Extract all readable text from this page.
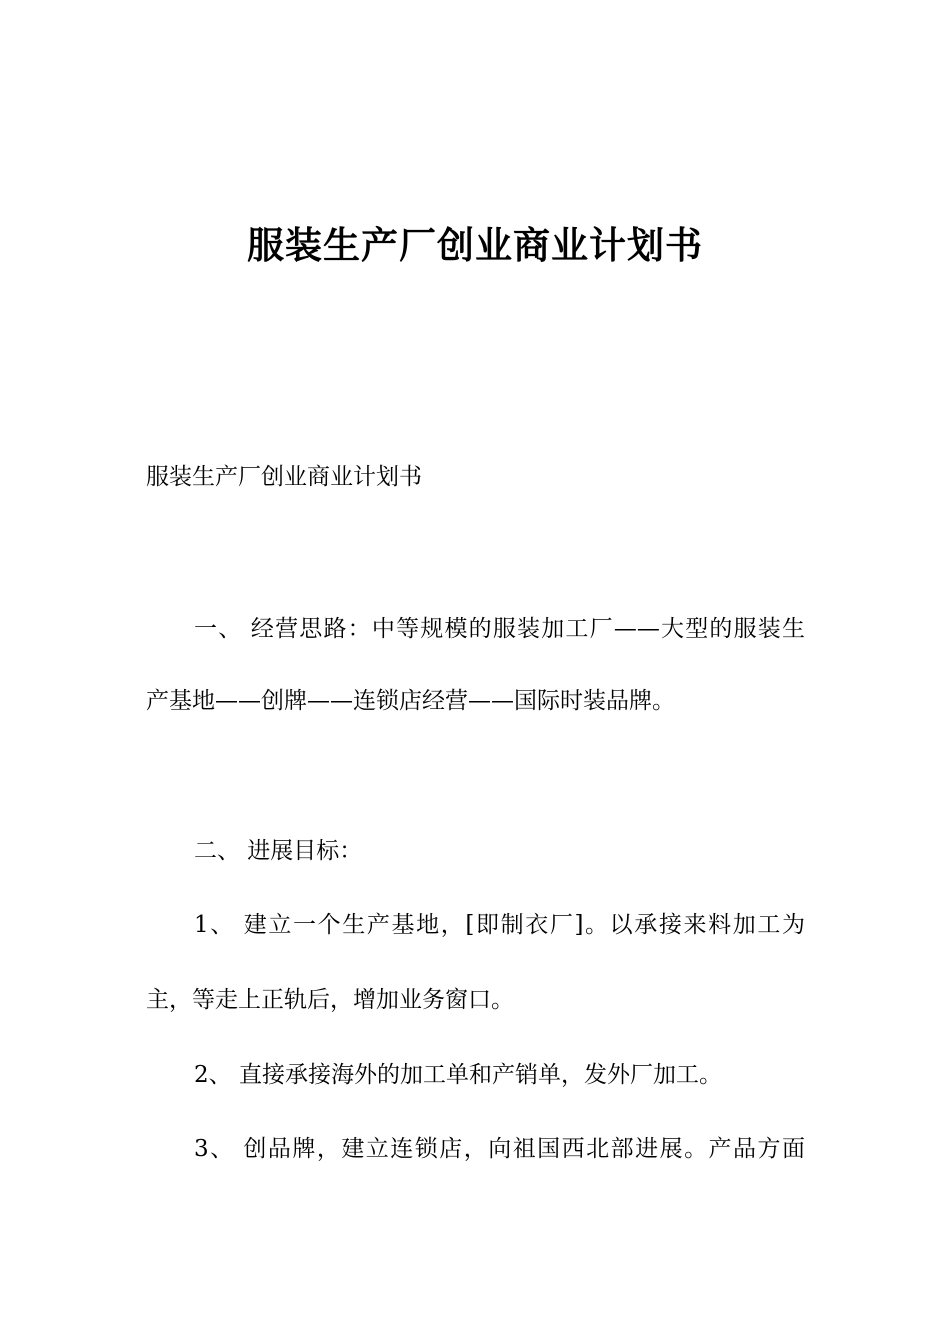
服装生产厂创业商业计划书
服装生产厂创业商业计划书
一、 经营思路：中等规模的服装加工厂——大型的服装生
产基地——创牌——连锁店经营——国际时装品牌。
二、 进展目标：
1、 建立一个生产基地，[即制衣厂]。以承接来料加工为
主，等走上正轨后，增加业务窗口。
2、 直接承接海外的加工单和产销单，发外厂加工。
3、 创品牌，建立连锁店，向祖国西北部进展。产品方面
